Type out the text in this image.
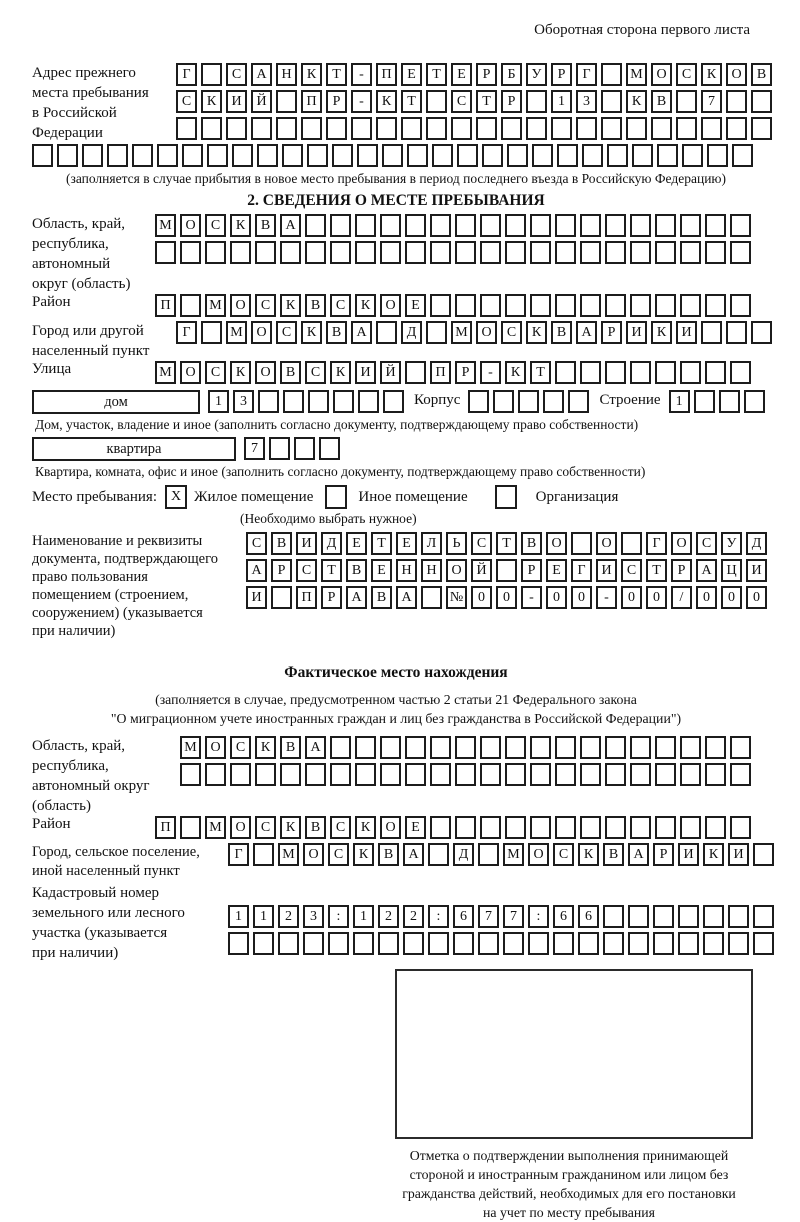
Оборотная сторона первого листа
Адрес прежнего
места пребывания
в Российской
Федерации
Г	С	А	Н	К	Т	-	П	Е	Т	Е	Р	Б	У	Р	Г	М О	С	К	О	В
С	К	И	Й	П	Р	-	К	Т	С	Т	Р	1	3	К	В	7
(заполняется в случае прибытия в новое место пребывания в период последнего въезда в Российскую Федерацию)
2. СВЕДЕНИЯ О МЕСТЕ ПРЕБЫВАНИЯ
Область, край,
республика,
автономный
округ (область)
М О	С	К	В	А
Район	П	М О	С	К	В	С	К	О	Е
Город или другой
населенный пункт
Г	М О	С	К	В	А	Д	М О	С	К	В	А	Р	И	К	И
Улица	М О	С	К	О	В	С	К	И	Й	П	Р	-	К	Т
дом	1	3	Корпус	Строение	1
Дом, участок, владение и иное (заполнить согласно документу, подтверждающему право собственности)
квартира	7
Квартира, комната, офис и иное (заполнить согласно документу, подтверждающему право собственности)
Место пребывания: X Жилое помещение	Иное помещение	Организация
(Необходимо выбрать нужное)
Наименование и реквизиты
документа, подтверждающего
право пользования
помещением (строением,
сооружением) (указывается
при наличии)
С	В	И	Д	Е	Т	Е	Л	Ь	С	Т	В	О	О	Г	О	С	У	Д
А	Р	С	Т	В	Е	Н	Н	О	Й	Р	Е	Г	И	С	Т	Р	А	Ц	И
И	П	Р	А	В	А	№	0	0	-	0	0	-	0	0	/	0	0	0
Фактическое место нахождения
(заполняется в случае, предусмотренном частью 2 статьи 21 Федерального закона
"О миграционном учете иностранных граждан и лиц без гражданства в Российской Федерации")
Область, край,
республика,
автономный округ
(область)
М О	С	К	В	А
Район	П	М О	С	К	В	С	К	О	Е
Город, сельское поселение,
иной населенный пункт
Г	М О	С	К	В	А	Д	М О	С	К	В	А	Р	И	К	И
Кадастровый номер
земельного или лесного
участка (указывается
при наличии)
1	1	2	3	:	1	2	2	:	6	7	7	:	6	6
Отметка о подтверждении выполнения принимающей
стороной и иностранным гражданином или лицом без
гражданства действий, необходимых для его постановки
на учет по месту пребывания
